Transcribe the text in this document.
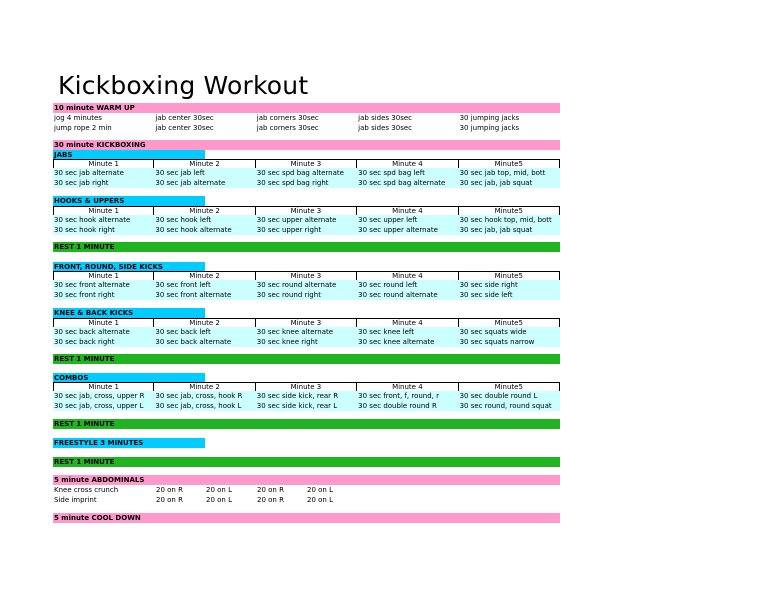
Kickboxing Workout
10 minute WARM UP
jog 4 minutes	jab center 30sec	jab corners 30sec	jab sides 30sec	30 jumping jacks
jump rope 2 min	jab center 30sec	jab corners 30sec	jab sides 30sec	30 jumping jacks
30 minute KICKBOXING
JABS
Minute 1	Minute 2	Minute 3	Minute 4	Minute5
30 sec jab alternate	30 sec jab left	30 sec spd bag alternate	30 sec spd bag left	30 sec jab top, mid, bott
30 sec jab right	30 sec jab alternate	30 sec spd bag right	30 sec spd bag alternate	30 sec jab, jab squat
HOOKS & UPPERS
Minute 1	Minute 2	Minute 3	Minute 4	Minute5
30 sec hook alternate	30 sec hook left	30 sec upper alternate	30 sec upper left	30 sec hook top, mid, bott
30 sec hook right	30 sec hook alternate	30 sec upper right	30 sec upper alternate	30 sec jab, jab squat
REST 1 MINUTE
FRONT, ROUND, SIDE KICKS
Minute 1	Minute 2	Minute 3	Minute 4	Minute5
30 sec front alternate	30 sec front left	30 sec round alternate	30 sec round left	30 sec side right
30 sec front right	30 sec front alternate	30 sec round right	30 sec round alternate	30 sec side left
KNEE & BACK KICKS
Minute 1	Minute 2	Minute 3	Minute 4	Minute5
30 sec back alternate	30 sec back left	30 sec knee alternate	30 sec knee left	30 sec squats wide
30 sec back right	30 sec back alternate	30 sec knee right	30 sec knee alternate	30 sec squats narrow
REST 1 MINUTE
COMBOS
Minute 1	Minute 2	Minute 3	Minute 4	Minute5
30 sec jab, cross, upper R	30 sec jab, cross, hook R	30 sec side kick, rear R	30 sec front, f, round, r	30 sec double round L
30 sec jab, cross, upper L	30 sec jab, cross, hook L	30 sec side kick, rear L	30 sec double round R	30 sec round, round squat
REST 1 MINUTE
FREESTYLE 3 MINUTES
REST 1 MINUTE
5 minute ABDOMINALS
Knee cross crunch	20 on R	20 on L	20 on R	20 on L
Side imprint	20 on R	20 on L	20 on R	20 on L
5 minute COOL DOWN
